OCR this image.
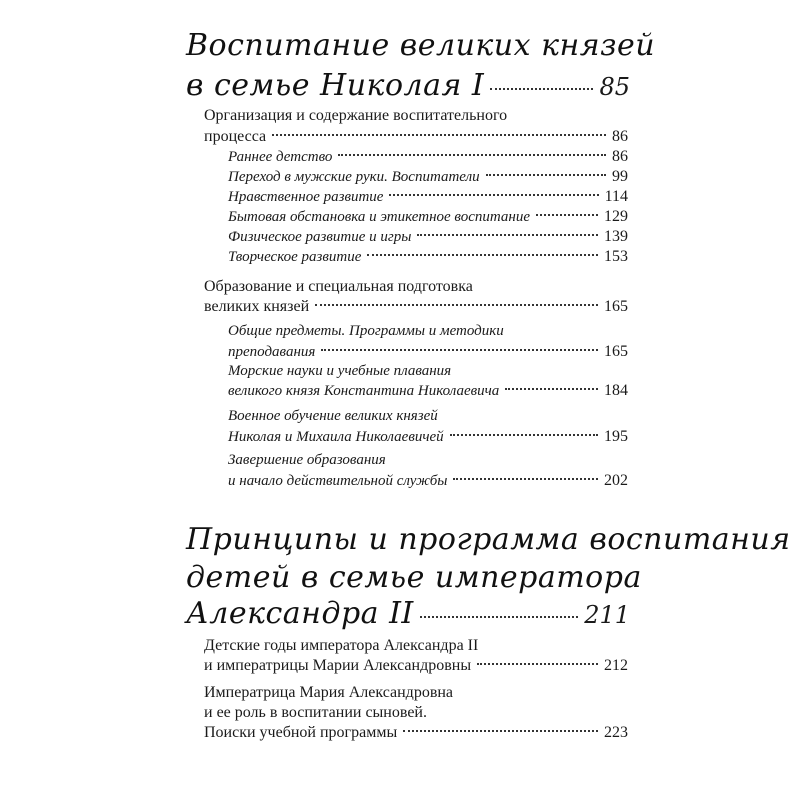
Воспитание великих князей
в семье Николая I	85
Организация и содержание воспитательного
процесса	86
Раннее детство	86
Переход в мужские руки. Воспитатели	99
Нравственное развитие	114
Бытовая обстановка и этикетное воспитание	129
Физическое развитие и игры	139
Творческое развитие	153
Образование и специальная подготовка
великих князей	165
Общие предметы. Программы и методики
преподавания	165
Морские науки и учебные плавания
великого князя Константина Николаевича	184
Военное обучение великих князей
Николая и Михаила Николаевичей	195
Завершение образования
и начало действительной службы	202
Принципы и программа воспитания
детей в семье императора
Александра II	211
Детские годы императора Александра II
и императрицы Марии Александровны	212
Императрица Мария Александровна
и ее роль в воспитании сыновей.
Поиски учебной программы	223
